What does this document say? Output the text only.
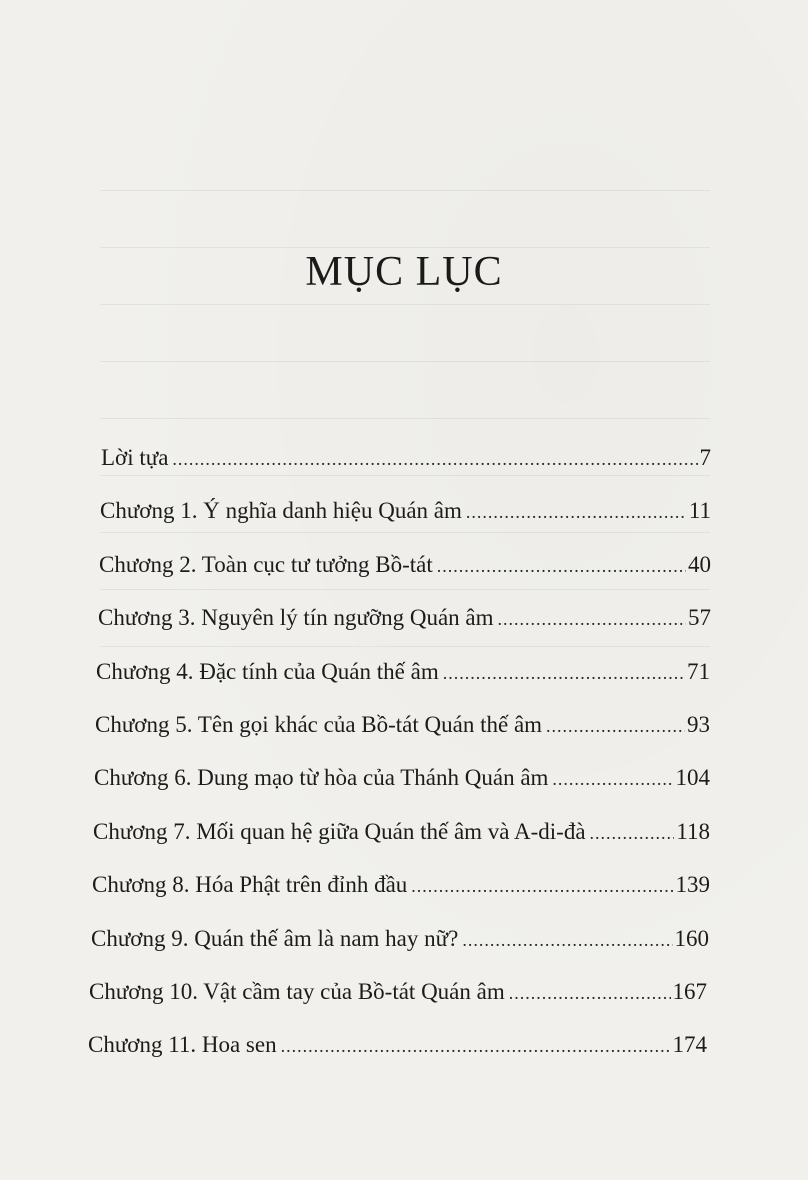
MỤC LỤC
Lời tựa .....	7
Chương 1. Ý nghĩa danh hiệu Quán âm .....	11
Chương 2. Toàn cục tư tưởng Bồ-tát .....	40
Chương 3. Nguyên lý tín ngưỡng Quán âm .....	57
Chương 4. Đặc tính của Quán thế âm .....	71
Chương 5. Tên gọi khác của Bồ-tát Quán thế âm .....	93
Chương 6. Dung mạo từ hòa của Thánh Quán âm .....	104
Chương 7. Mối quan hệ giữa Quán thế âm và A-di-đà .....	118
Chương 8. Hóa Phật trên đỉnh đầu .....	139
Chương 9. Quán thế âm là nam hay nữ? .....	160
Chương 10. Vật cầm tay của Bồ-tát Quán âm .....	167
Chương 11. Hoa sen .....	174
